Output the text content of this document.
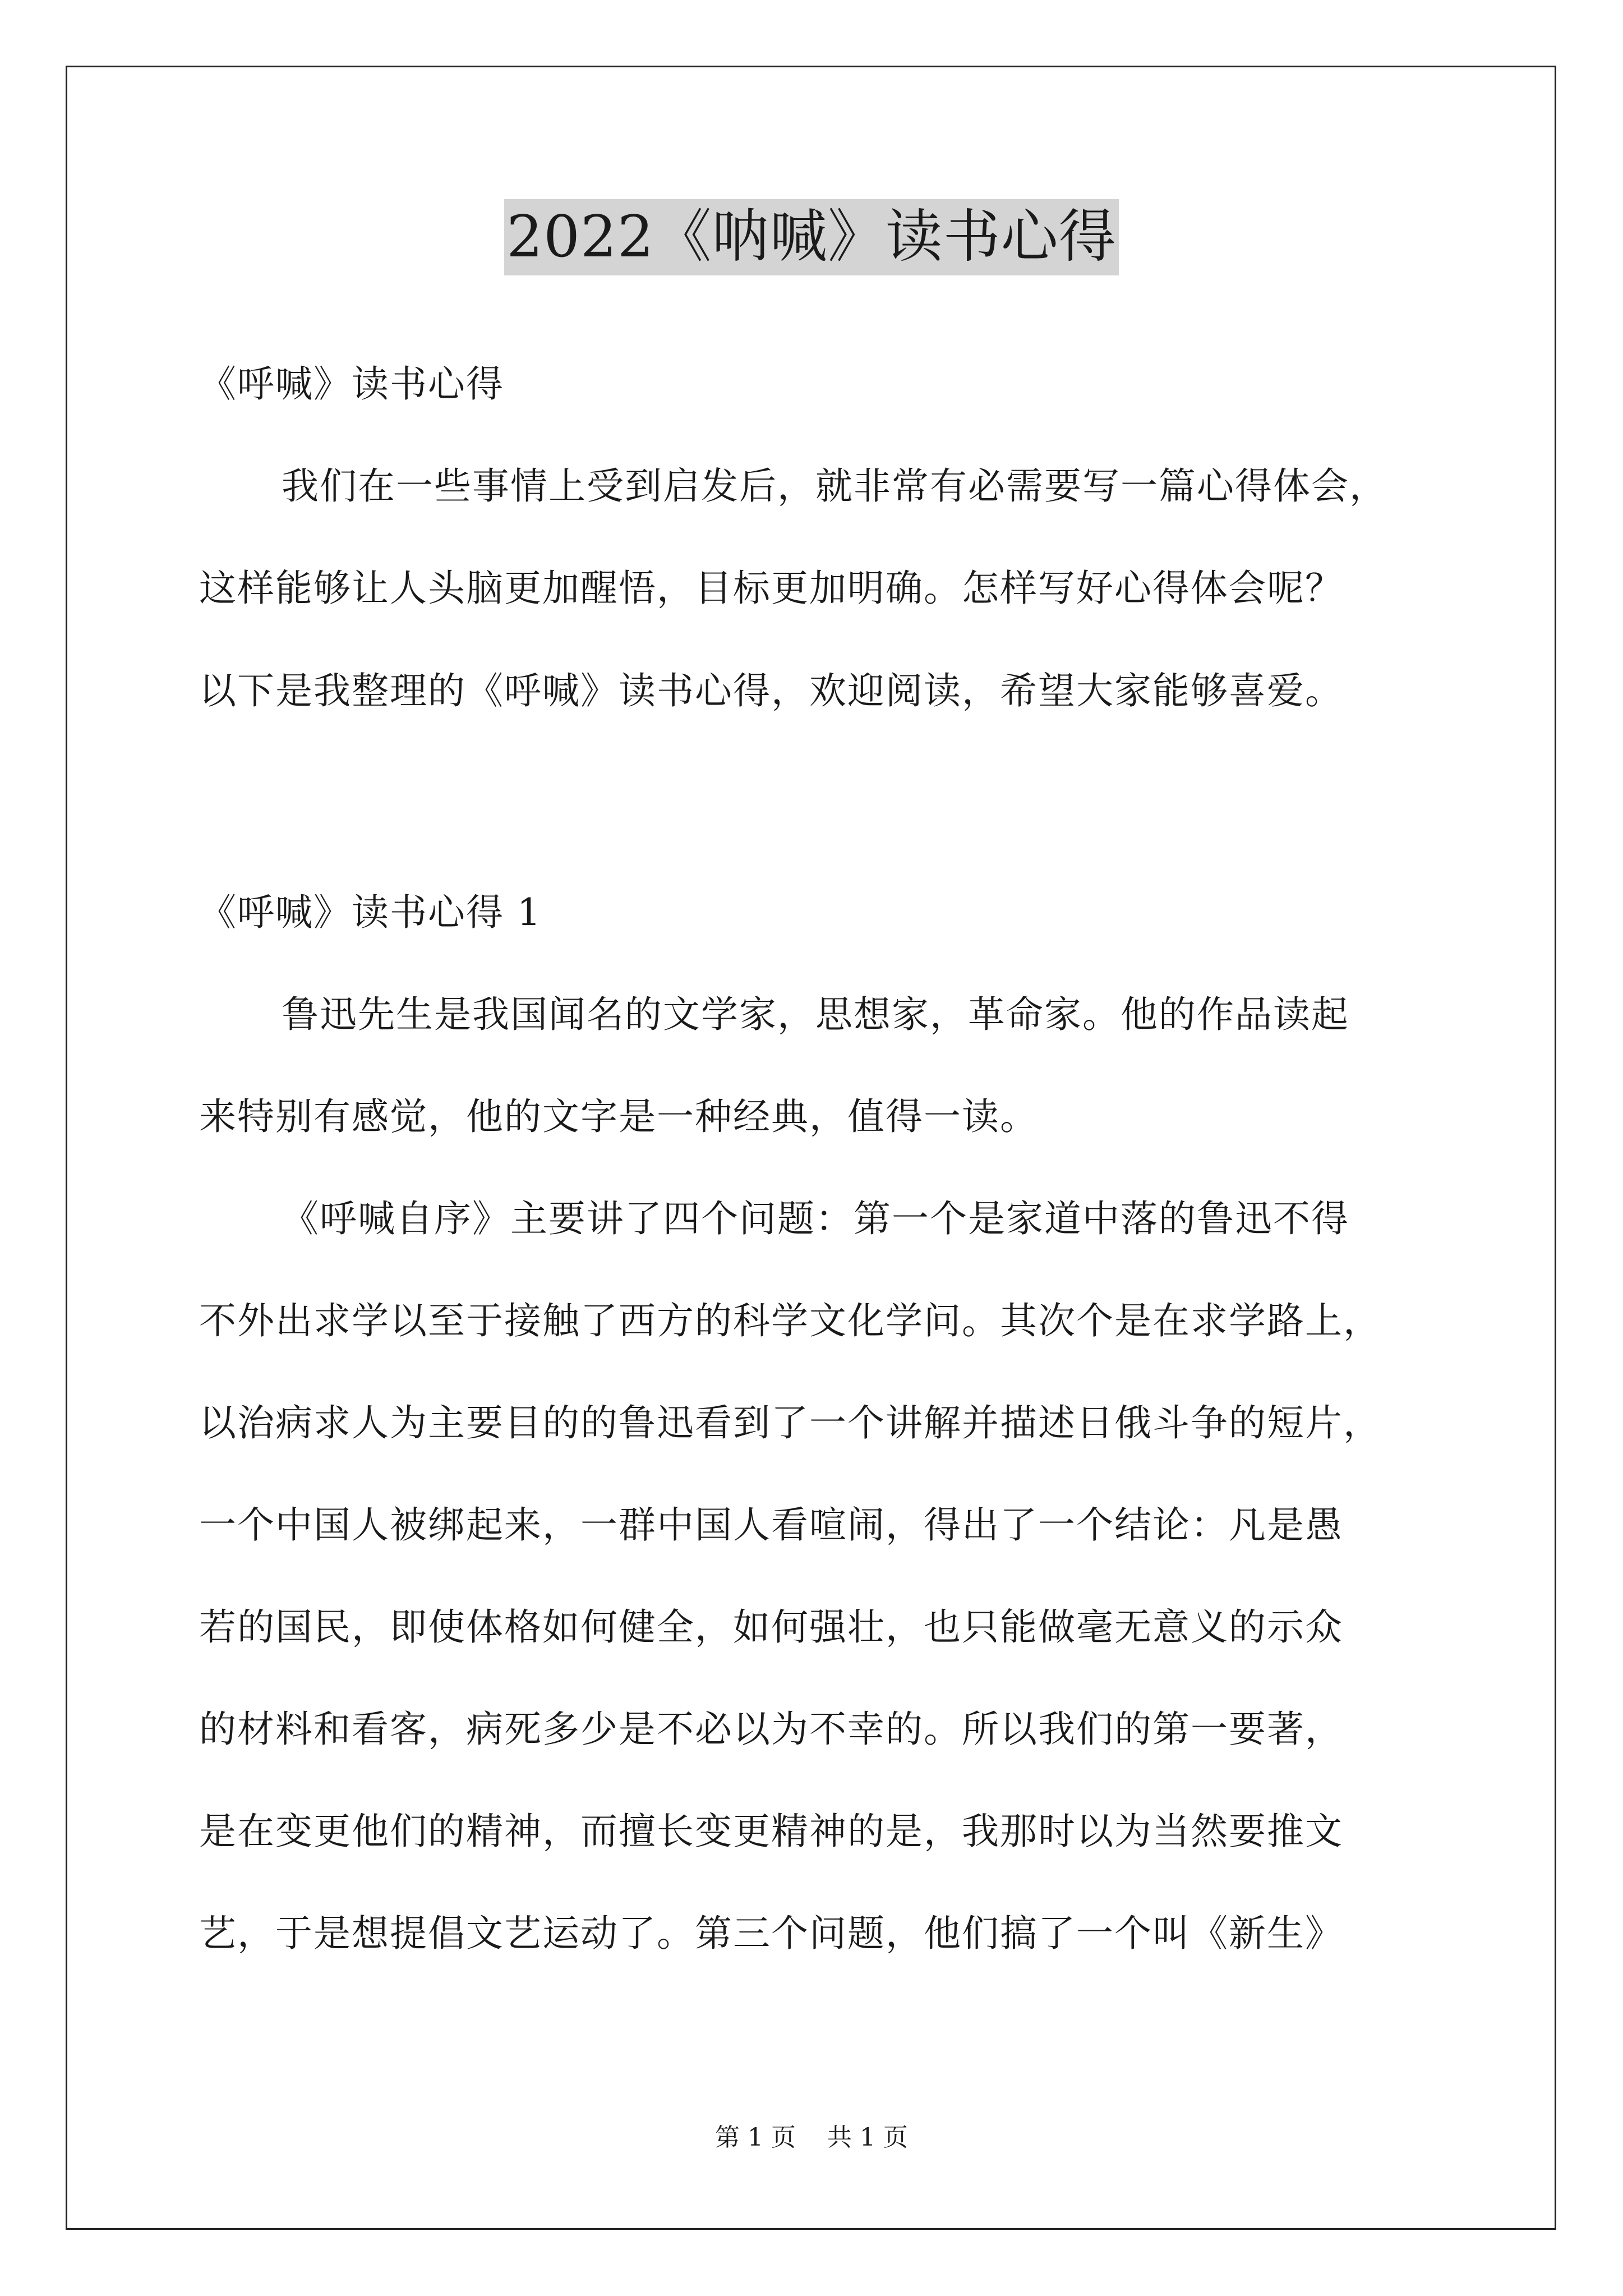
2022《呐喊》读书心得

《呼喊》读书心得

我们在一些事情上受到启发后，就非常有必需要写一篇心得体会，

这样能够让人头脑更加醒悟，目标更加明确。怎样写好心得体会呢？

以下是我整理的《呼喊》读书心得，欢迎阅读，希望大家能够喜爱。

《呼喊》读书心得 1

鲁迅先生是我国闻名的文学家，思想家，革命家。他的作品读起

来特别有感觉，他的文字是一种经典，值得一读。

《呼喊自序》主要讲了四个问题：第一个是家道中落的鲁迅不得

不外出求学以至于接触了西方的科学文化学问。其次个是在求学路上，

以治病求人为主要目的的鲁迅看到了一个讲解并描述日俄斗争的短片，

一个中国人被绑起来，一群中国人看喧闹，得出了一个结论：凡是愚

若的国民，即使体格如何健全，如何强壮，也只能做毫无意义的示众

的材料和看客，病死多少是不必以为不幸的。所以我们的第一要著，

是在变更他们的精神，而擅长变更精神的是，我那时以为当然要推文

艺，于是想提倡文艺运动了。第三个问题，他们搞了一个叫《新生》

第 1 页 共 1 页
